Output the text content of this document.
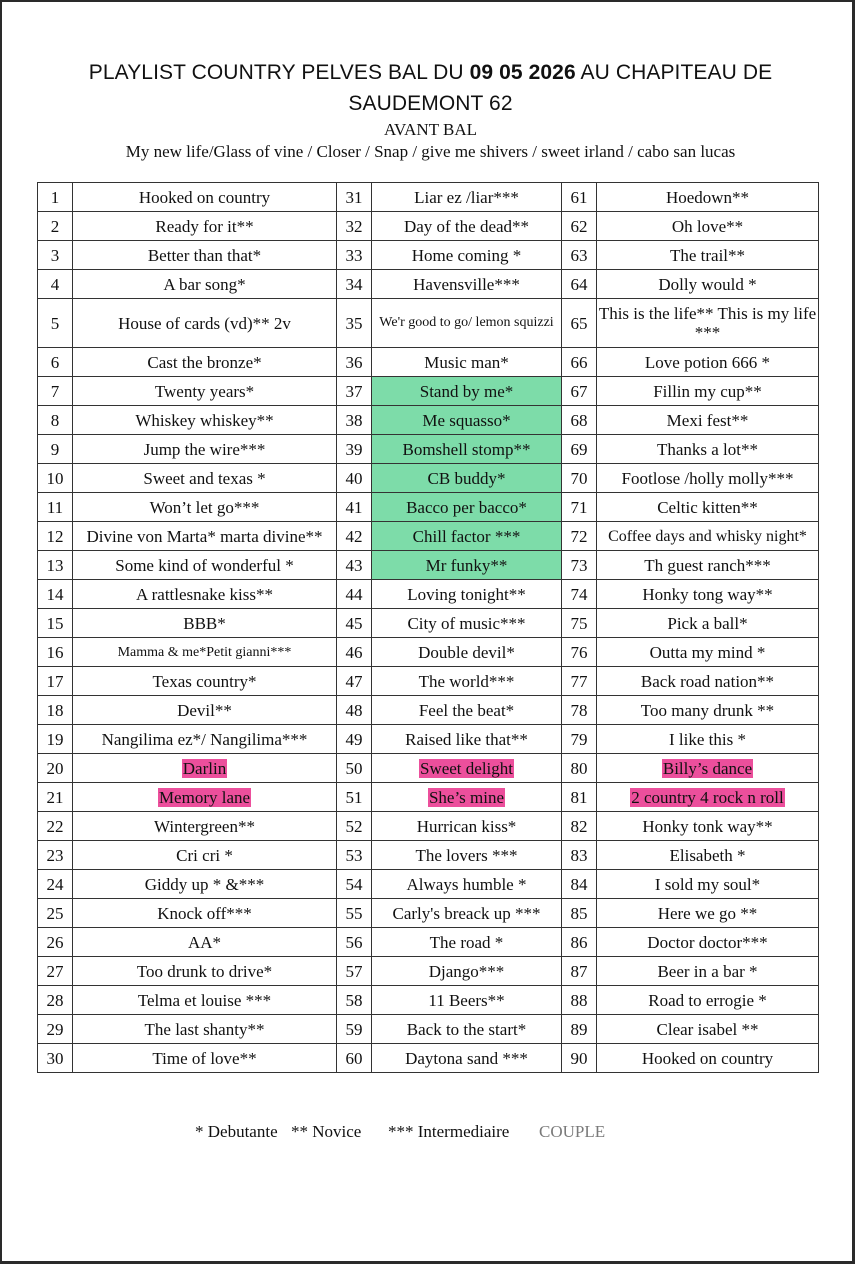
PLAYLIST COUNTRY PELVES BAL DU 09 05 2026 AU CHAPITEAU DE
SAUDEMONT 62
AVANT BAL
My new life/Glass of vine / Closer / Snap / give me shivers / sweet irland / cabo san lucas
1	Hooked on country	31	Liar ez /liar***	61	Hoedown**
2	Ready for it**	32	Day of the dead**	62	Oh love**
3	Better than that*	33	Home coming *	63	The trail**
4	A bar song*	34	Havensville***	64	Dolly would *
5	House of cards (vd)** 2v	35	We'r good to go/ lemon squizzi	65	This is the life** This is my life ***
6	Cast the bronze*	36	Music man*	66	Love potion 666 *
7	Twenty years*	37	Stand by me*	67	Fillin my cup**
8	Whiskey whiskey**	38	Me squasso*	68	Mexi fest**
9	Jump the wire***	39	Bomshell stomp**	69	Thanks a lot**
10	Sweet and texas *	40	CB buddy*	70	Footlose /holly molly***
11	Won’t let go***	41	Bacco per bacco*	71	Celtic kitten**
12	Divine von Marta* marta divine**	42	Chill factor ***	72	Coffee days and whisky night*
13	Some kind of wonderful *	43	Mr funky**	73	Th guest ranch***
14	A rattlesnake kiss**	44	Loving tonight**	74	Honky tong way**
15	BBB*	45	City of music***	75	Pick a ball*
16	Mamma & me*Petit gianni***	46	Double devil*	76	Outta my mind *
17	Texas country*	47	The world***	77	Back road nation**
18	Devil**	48	Feel the beat*	78	Too many drunk **
19	Nangilima ez*/ Nangilima***	49	Raised like that**	79	I like this *
20	Darlin	50	Sweet delight	80	Billy’s dance
21	Memory lane	51	She’s mine	81	2 country 4 rock n roll
22	Wintergreen**	52	Hurrican kiss*	82	Honky tonk way**
23	Cri cri *	53	The lovers ***	83	Elisabeth *
24	Giddy up * &***	54	Always humble *	84	I sold my soul*
25	Knock off***	55	Carly's breack up ***	85	Here we go **
26	AA*	56	The road *	86	Doctor doctor***
27	Too drunk to drive*	57	Django***	87	Beer in a bar *
28	Telma et louise ***	58	11 Beers**	88	Road to errogie *
29	The last shanty**	59	Back to the start*	89	Clear isabel **
30	Time of love**	60	Daytona sand ***	90	Hooked on country
* Debutante ** Novice *** Intermediaire COUPLE
